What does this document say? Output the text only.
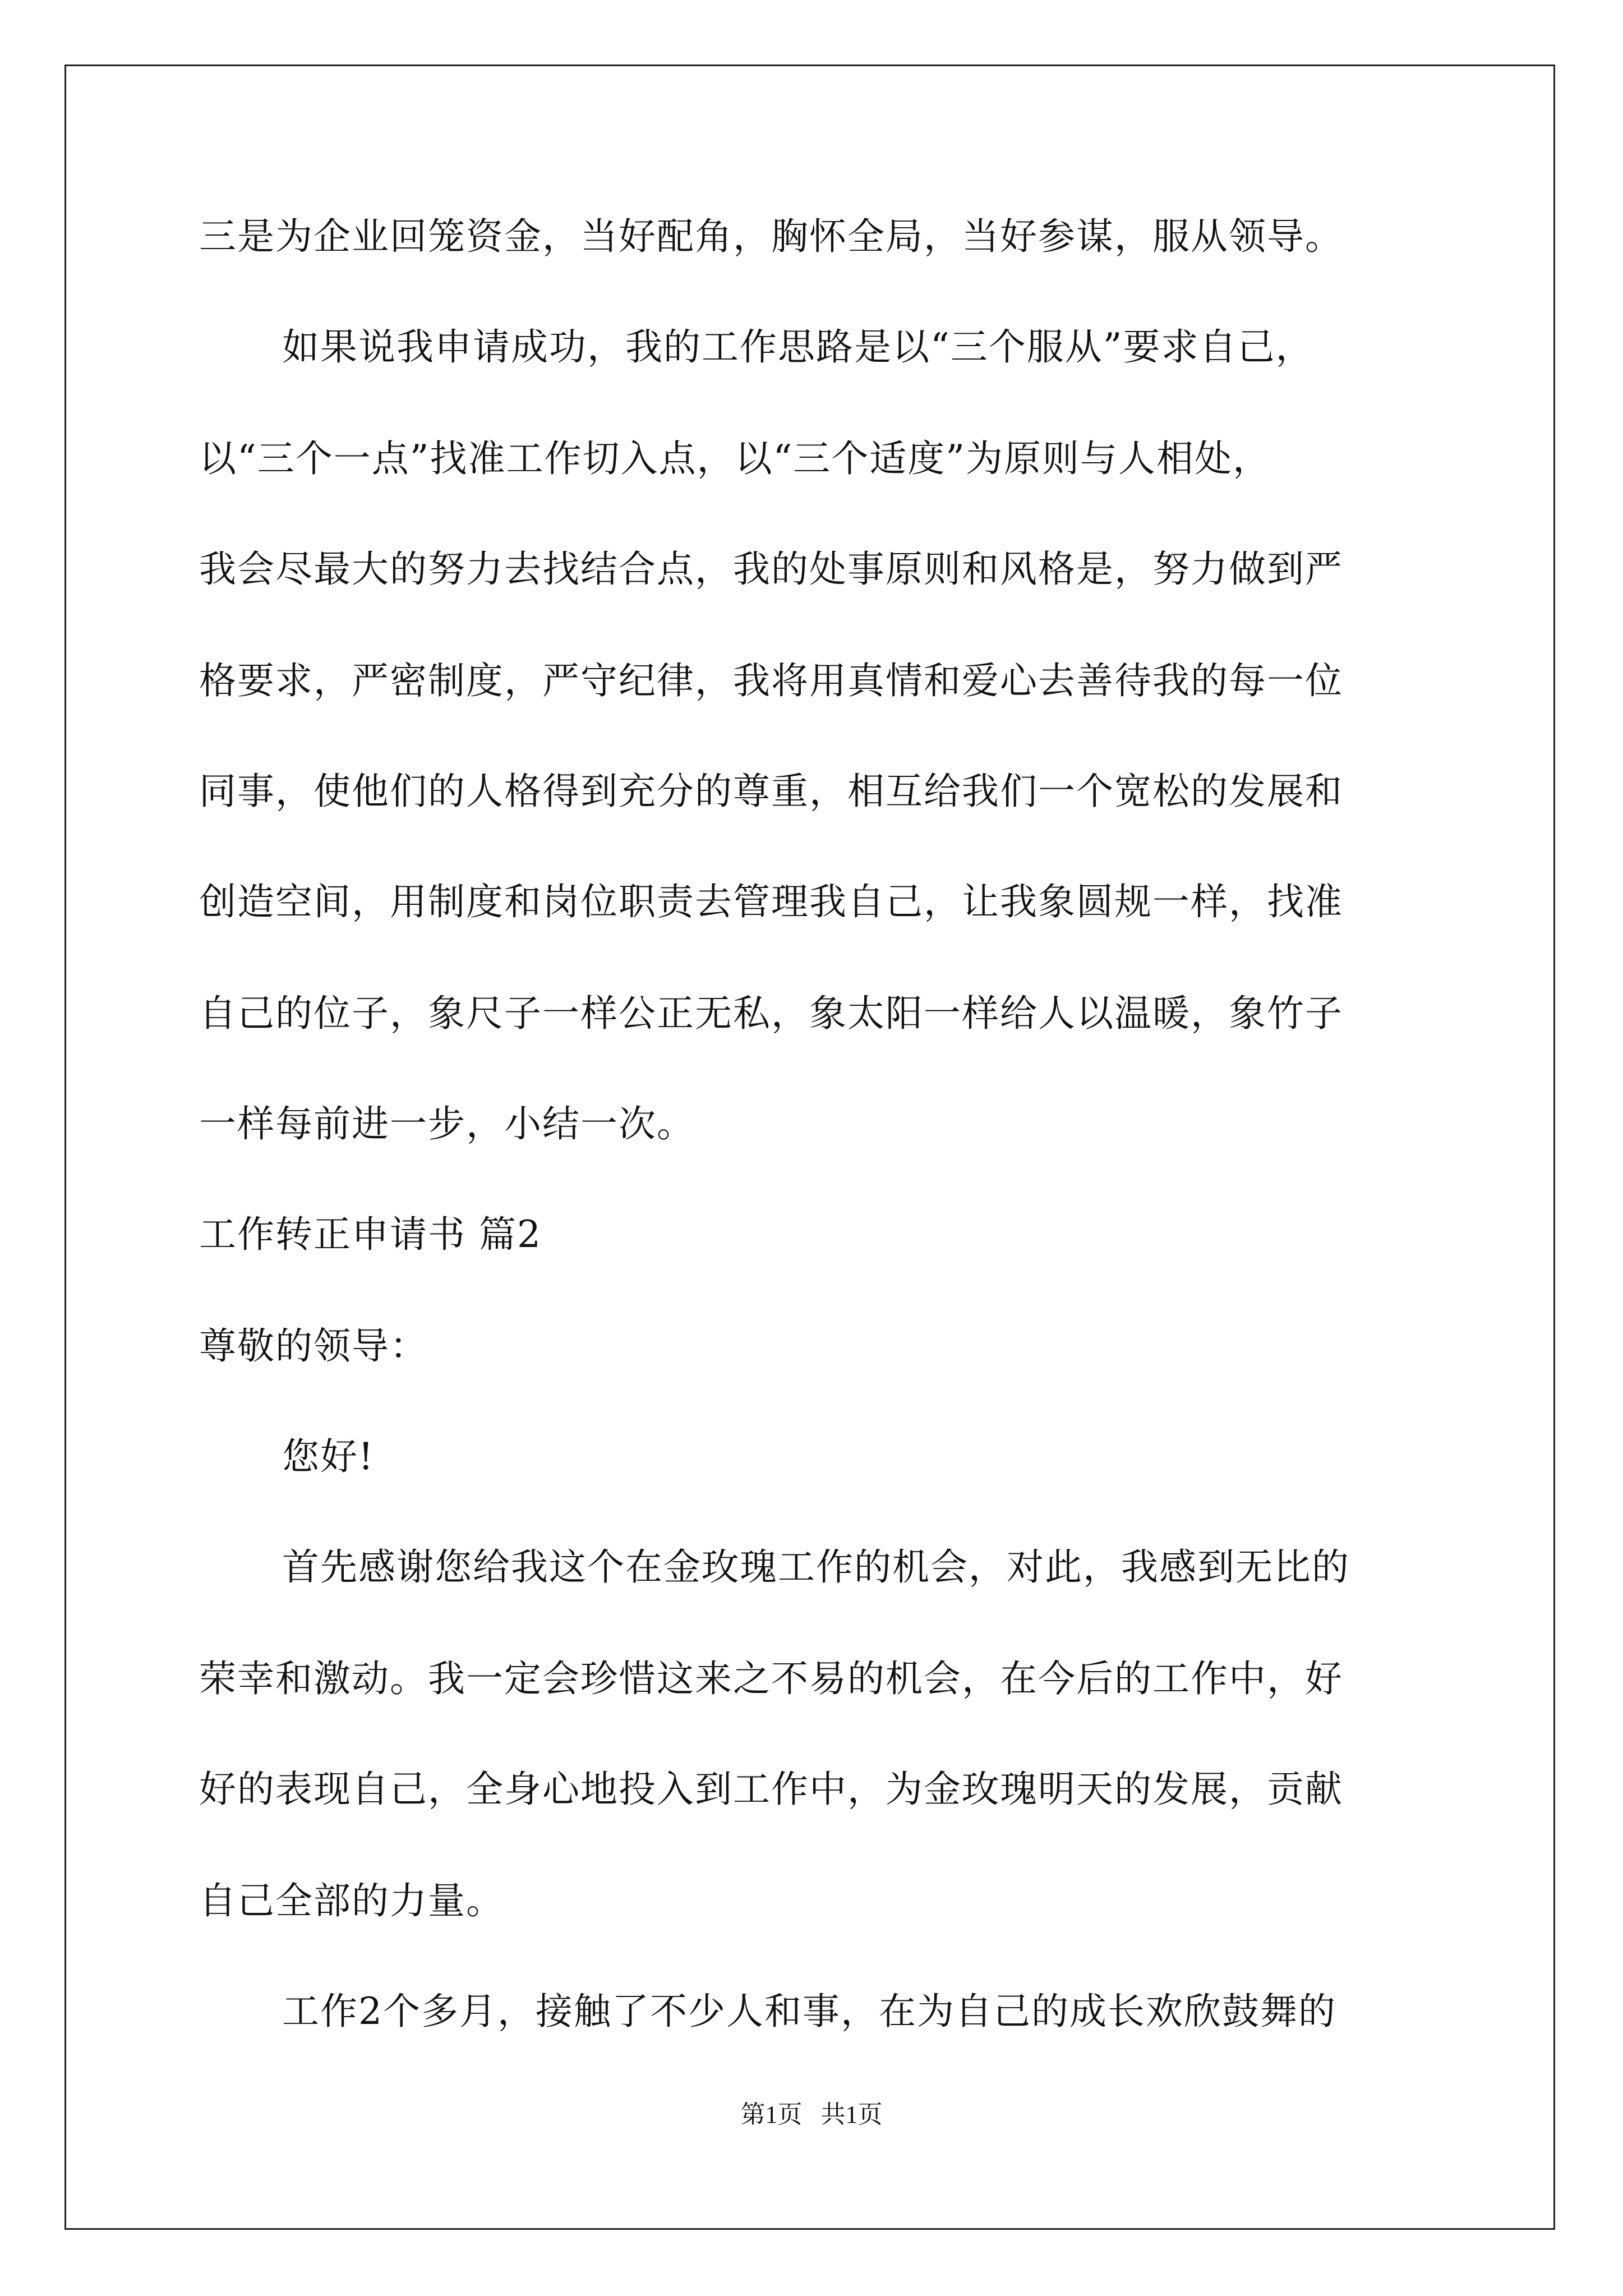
三是为企业回笼资金，当好配角，胸怀全局，当好参谋，服从领导。
如果说我申请成功，我的工作思路是以“三个服从”要求自己，
以“三个一点”找准工作切入点，以“三个适度”为原则与人相处，
我会尽最大的努力去找结合点，我的处事原则和风格是，努力做到严
格要求，严密制度，严守纪律，我将用真情和爱心去善待我的每一位
同事，使他们的人格得到充分的尊重，相互给我们一个宽松的发展和
创造空间，用制度和岗位职责去管理我自己，让我象圆规一样，找准
自己的位子，象尺子一样公正无私，象太阳一样给人以温暖，象竹子
一样每前进一步，小结一次。
工作转正申请书 篇2
尊敬的领导：
您好!
首先感谢您给我这个在金玫瑰工作的机会，对此，我感到无比的
荣幸和激动。我一定会珍惜这来之不易的机会，在今后的工作中，好
好的表现自己，全身心地投入到工作中，为金玫瑰明天的发展，贡献
自己全部的力量。
工作2个多月，接触了不少人和事，在为自己的成长欢欣鼓舞的
第1页   共1页
